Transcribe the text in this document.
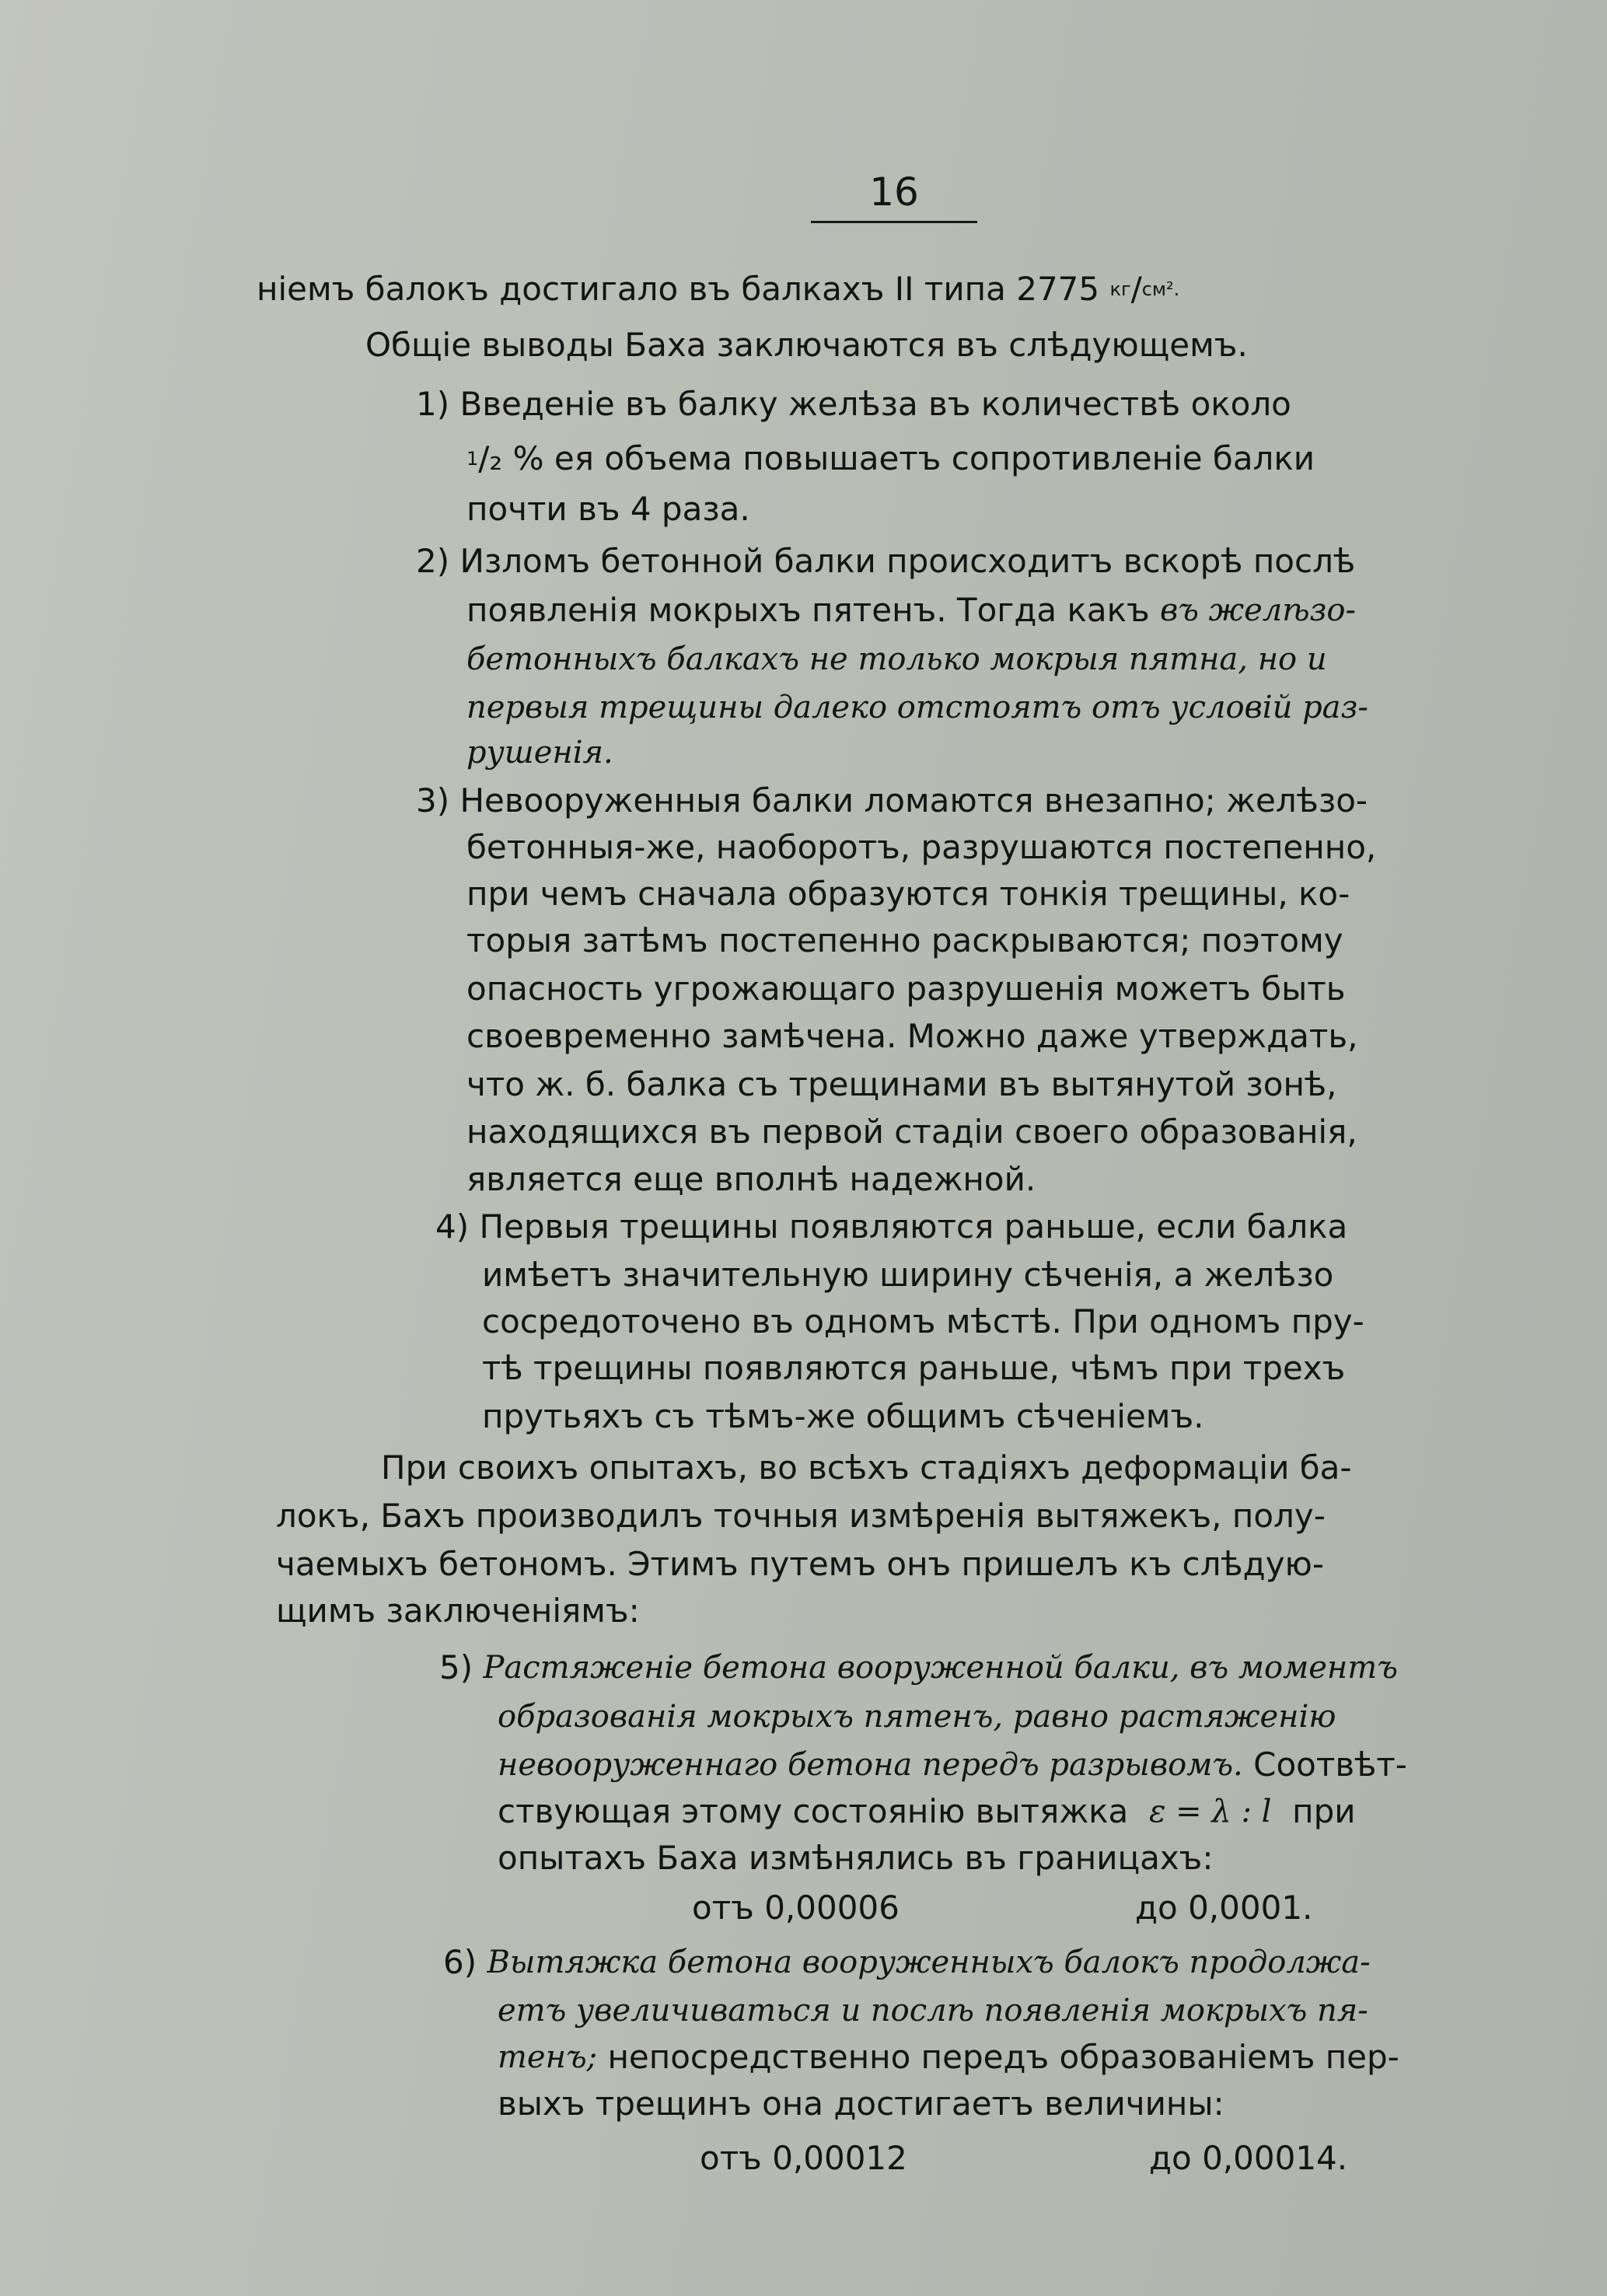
16
ніемъ балокъ достигало въ балкахъ II типа 2775
кг / см².
Общіе выводы Баха заключаются въ слѣдующемъ.
1) Введеніе въ балку желѣза въ количествѣ около
1 /₂ % ея объема повышаетъ сопротивленіе балки
почти въ 4 раза.
2) Изломъ бетонной балки происходитъ вскорѣ послѣ
появленія мокрыхъ пятенъ. Тогда какъ
въ желѣзо-
бетонныхъ балкахъ не только мокрыя пятна, но и
первыя трещины далеко отстоятъ отъ условій раз-
рушенія.
3) Невооруженныя балки ломаются внезапно; желѣзо-
бетонныя-же, наоборотъ, разрушаются постепенно,
при чемъ сначала образуются тонкія трещины, ко-
торыя затѣмъ постепенно раскрываются; поэтому
опасность угрожающаго разрушенія можетъ быть
своевременно замѣчена. Можно даже утверждать,
что ж. б. балка съ трещинами въ вытянутой зонѣ,
находящихся въ первой стадіи своего образованія,
является еще вполнѣ надежной.
4) Первыя трещины появляются раньше, если балка
имѣетъ значительную ширину сѣченія, а желѣзо
сосредоточено въ одномъ мѣстѣ. При одномъ пру-
тѣ трещины появляются раньше, чѣмъ при трехъ
прутьяхъ съ тѣмъ-же общимъ сѣченіемъ.
При своихъ опытахъ, во всѣхъ стадіяхъ деформаціи ба-
локъ, Бахъ производилъ точныя измѣренія вытяжекъ, полу-
чаемыхъ бетономъ. Этимъ путемъ онъ пришелъ къ слѣдую-
щимъ заключеніямъ:
5)
Растяженіе бетона вооруженной балки, въ моментъ
образованія мокрыхъ пятенъ, равно растяженію
невооруженнаго бетона передъ разрывомъ.
Соотвѣт-
ствующая этому состоянію вытяжка
ε = λ : l
при
опытахъ Баха измѣнялись въ границахъ:
отъ 0,00006	до 0,0001.
6)
Вытяжка бетона вооруженныхъ балокъ продолжа-
етъ увеличиваться и послѣ появленія мокрыхъ пя-
тенъ;
непосредственно передъ образованіемъ пер-
выхъ трещинъ она достигаетъ величины:
отъ 0,00012	до 0,00014.
